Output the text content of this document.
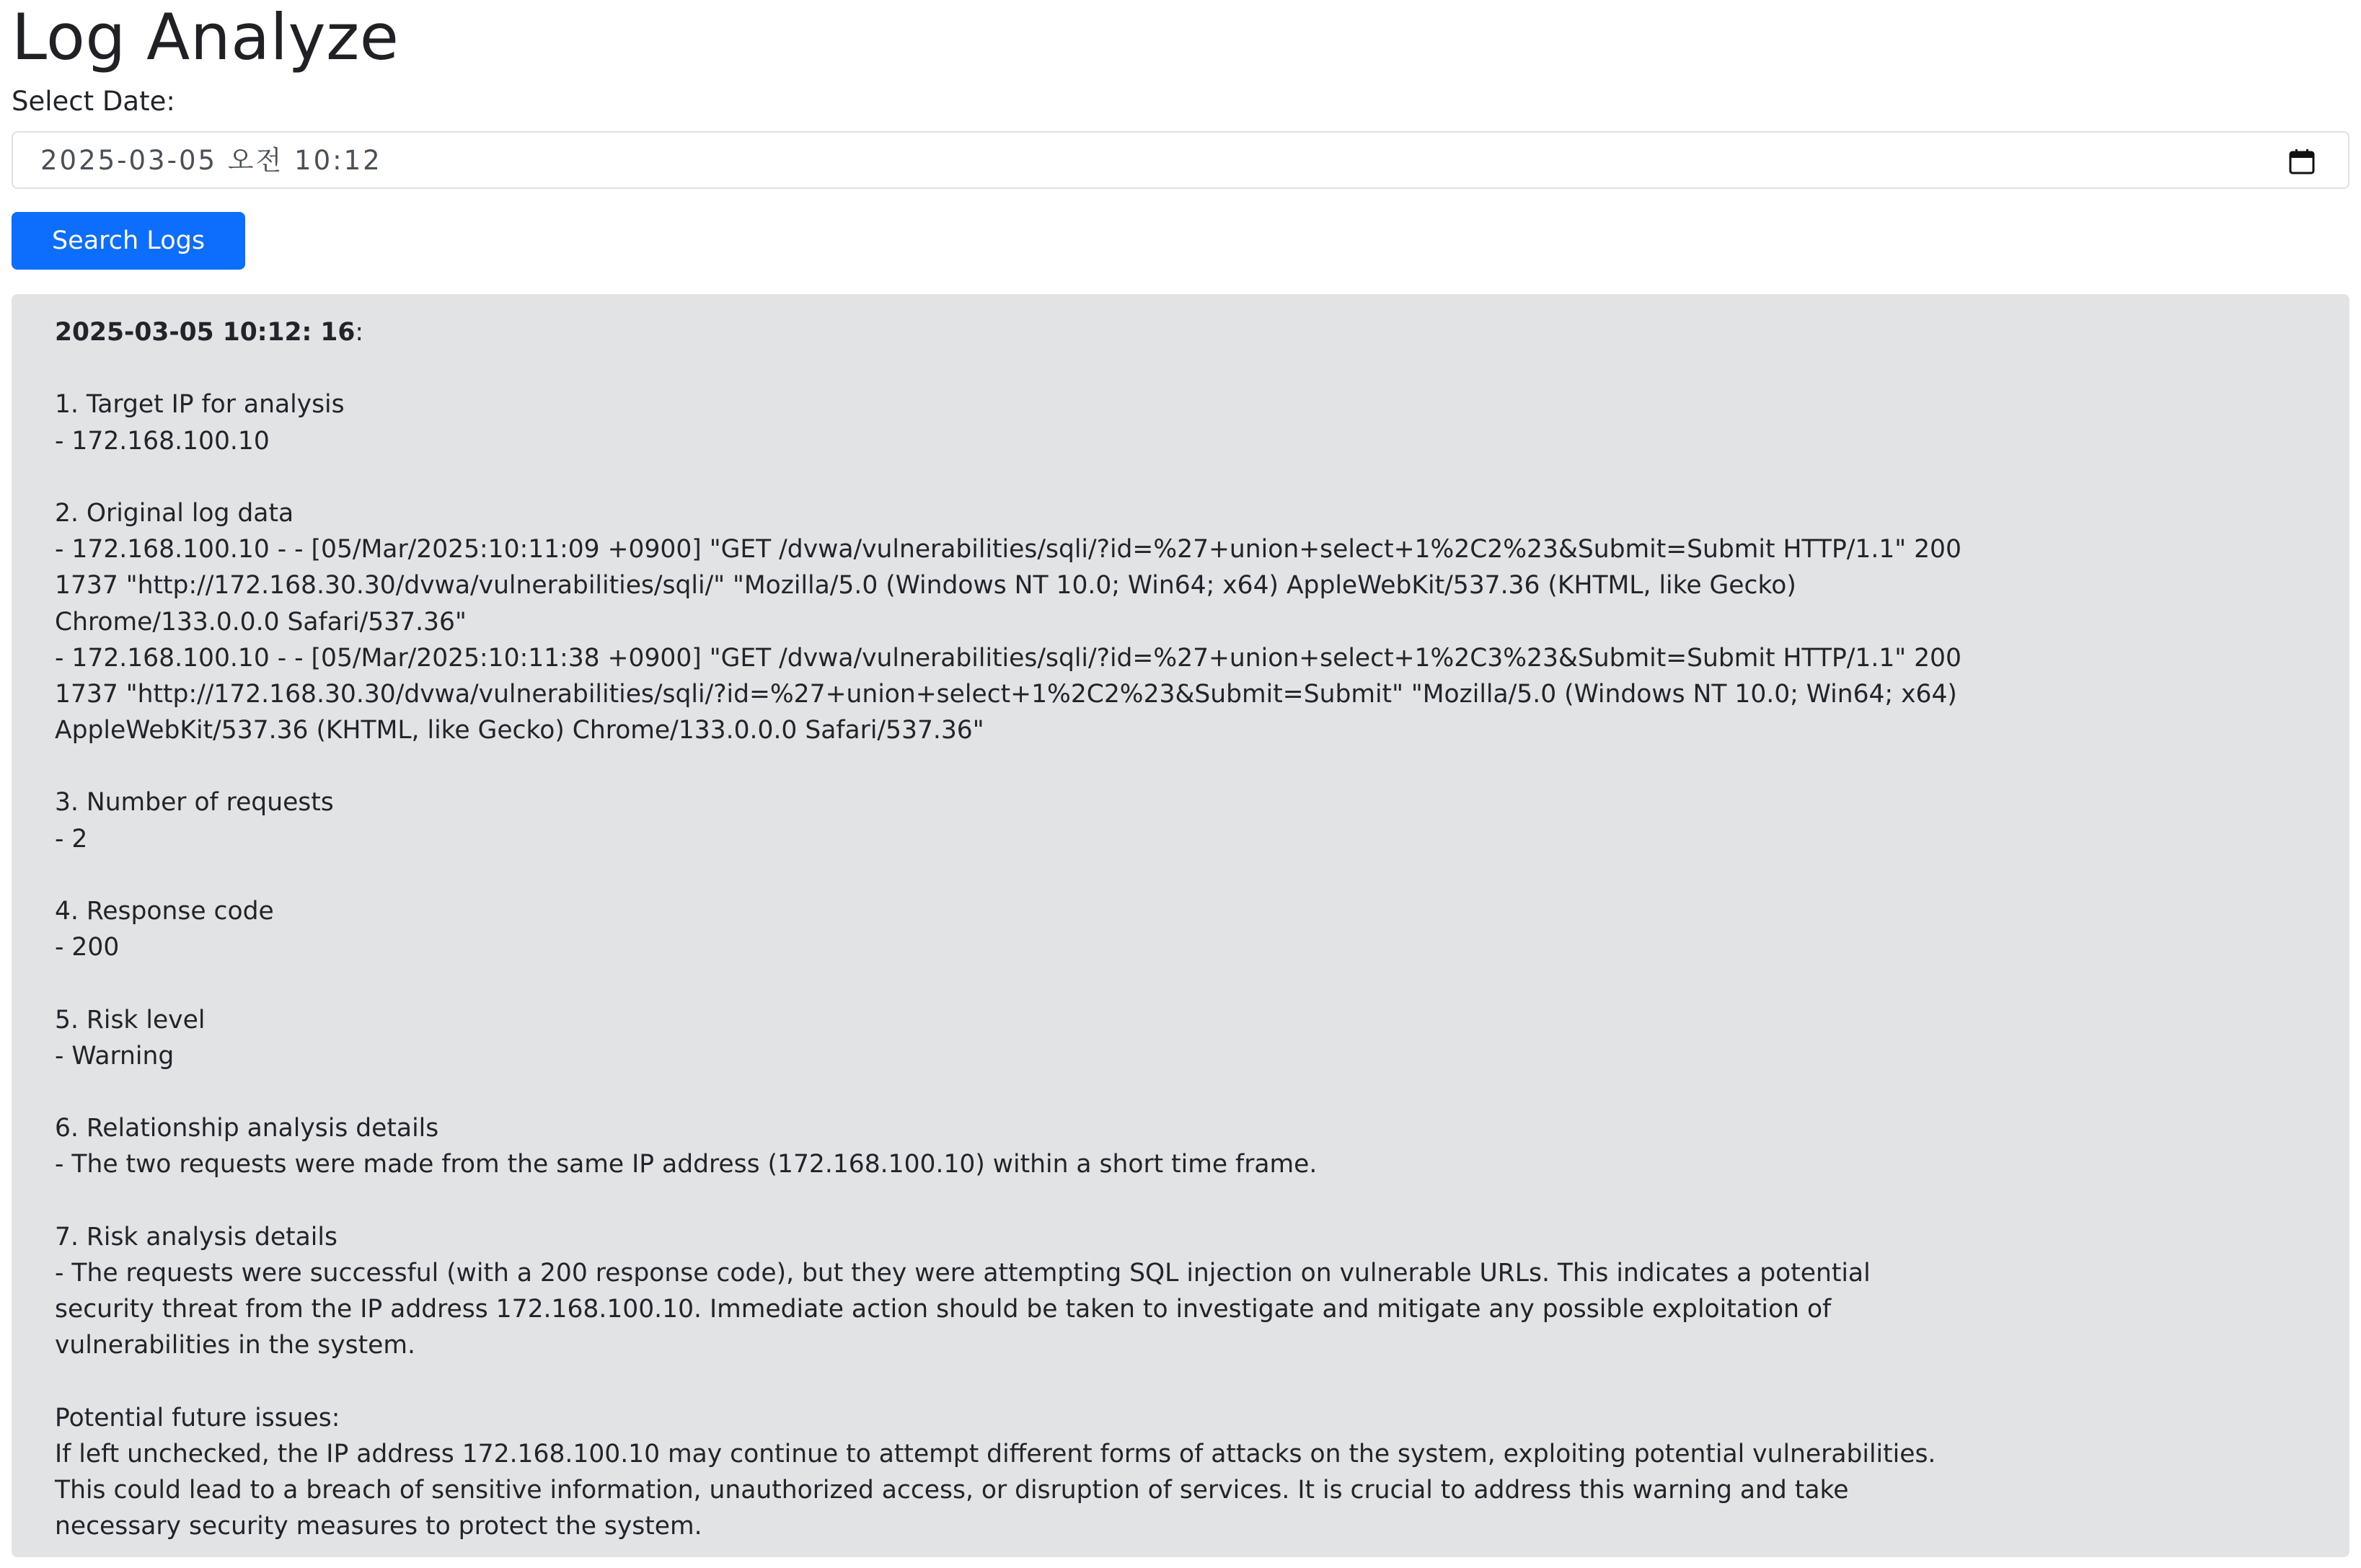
Log Analyze
Select Date:
2025-03-05 오전 10:12
Search Logs
2025-03-05 10:12: 16:
1. Target IP for analysis
- 172.168.100.10
2. Original log data
- 172.168.100.10 - - [05/Mar/2025:10:11:09 +0900] "GET /dvwa/vulnerabilities/sqli/?id=%27+union+select+1%2C2%23&Submit=Submit HTTP/1.1" 200
1737 "http://172.168.30.30/dvwa/vulnerabilities/sqli/" "Mozilla/5.0 (Windows NT 10.0; Win64; x64) AppleWebKit/537.36 (KHTML, like Gecko)
Chrome/133.0.0.0 Safari/537.36"
- 172.168.100.10 - - [05/Mar/2025:10:11:38 +0900] "GET /dvwa/vulnerabilities/sqli/?id=%27+union+select+1%2C3%23&Submit=Submit HTTP/1.1" 200
1737 "http://172.168.30.30/dvwa/vulnerabilities/sqli/?id=%27+union+select+1%2C2%23&Submit=Submit" "Mozilla/5.0 (Windows NT 10.0; Win64; x64)
AppleWebKit/537.36 (KHTML, like Gecko) Chrome/133.0.0.0 Safari/537.36"
3. Number of requests
- 2
4. Response code
- 200
5. Risk level
- Warning
6. Relationship analysis details
- The two requests were made from the same IP address (172.168.100.10) within a short time frame.
7. Risk analysis details
- The requests were successful (with a 200 response code), but they were attempting SQL injection on vulnerable URLs. This indicates a potential
security threat from the IP address 172.168.100.10. Immediate action should be taken to investigate and mitigate any possible exploitation of
vulnerabilities in the system.
Potential future issues:
If left unchecked, the IP address 172.168.100.10 may continue to attempt different forms of attacks on the system, exploiting potential vulnerabilities.
This could lead to a breach of sensitive information, unauthorized access, or disruption of services. It is crucial to address this warning and take
necessary security measures to protect the system.
